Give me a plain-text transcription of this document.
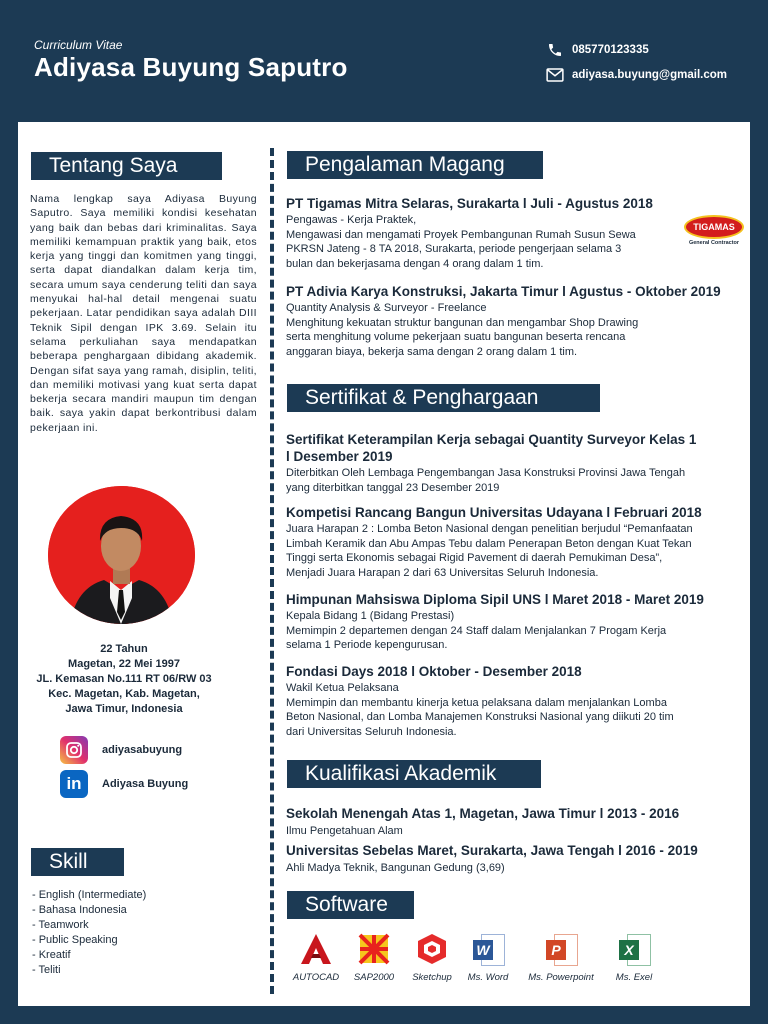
Curriculum Vitae
Adiyasa Buyung Saputro
085770123335
adiyasa.buyung@gmail.com
Tentang Saya
Nama lengkap saya Adiyasa Buyung Saputro. Saya memiliki kondisi kesehatan yang baik dan bebas dari kriminalitas. Saya memiliki kemampuan praktik yang baik, etos kerja yang tinggi dan komitmen yang tinggi, serta dapat diandalkan dalam kerja tim, secara umum saya cenderung teliti dan saya menyukai hal-hal detail mengenai suatu pekerjaan. Latar pendidikan saya adalah DIII Teknik Sipil dengan IPK 3.69. Selain itu selama perkuliahan saya mendapatkan beberapa penghargaan dibidang akademik. Dengan sifat saya yang ramah, disiplin, teliti, dan memiliki motivasi yang kuat serta dapat bekerja secara mandiri maupun tim dengan baik. saya yakin dapat berkontribusi dalam pekerjaan ini.
22 Tahun
Magetan, 22 Mei 1997
JL. Kemasan No.111 RT 06/RW 03
Kec. Magetan, Kab. Magetan,
Jawa Timur, Indonesia
adiyasabuyung
in	Adiyasa Buyung
Skill
- English (Intermediate)
- Bahasa Indonesia
- Teamwork
- Public Speaking
- Kreatif
- Teliti
Pengalaman Magang
PT Tigamas Mitra Selaras, Surakarta l Juli - Agustus 2018
Pengawas - Kerja Praktek,
Mengawasi dan mengamati Proyek Pembangunan Rumah Susun Sewa
PKRSN Jateng - 8 TA 2018, Surakarta, periode pengerjaan selama 3
bulan dan bekerjasama dengan 4 orang dalam 1 tim.
TIGAMAS
General Contractor
PT Adivia Karya Konstruksi, Jakarta Timur l Agustus - Oktober 2019
Quantity Analysis & Surveyor - Freelance
Menghitung kekuatan struktur bangunan dan mengambar Shop Drawing
serta menghitung volume pekerjaan suatu bangunan beserta rencana
anggaran biaya, bekerja sama dengan 2 orang dalam 1 tim.
Sertifikat & Penghargaan
Sertifikat Keterampilan Kerja sebagai Quantity Surveyor Kelas 1
l Desember 2019
Diterbitkan Oleh Lembaga Pengembangan Jasa Konstruksi Provinsi Jawa Tengah
yang diterbitkan tanggal 23 Desember 2019
Kompetisi Rancang Bangun Universitas Udayana l Februari 2018
Juara Harapan 2 : Lomba Beton Nasional dengan penelitian berjudul “Pemanfaatan
Limbah Keramik dan Abu Ampas Tebu dalam Penerapan Beton dengan Kuat Tekan
Tinggi serta Ekonomis sebagai Rigid Pavement di daerah Pemukiman Desa”,
Menjadi Juara Harapan 2 dari 63 Universitas Seluruh Indonesia.
Himpunan Mahsiswa Diploma Sipil UNS l Maret 2018 - Maret 2019
Kepala Bidang 1 (Bidang Prestasi)
Memimpin 2 departemen dengan 24 Staff dalam Menjalankan 7 Progam Kerja
selama 1 Periode kepengurusan.
Fondasi Days 2018 l Oktober - Desember 2018
Wakil Ketua Pelaksana
Memimpin dan membantu kinerja ketua pelaksana dalam menjalankan Lomba
Beton Nasional, dan Lomba Manajemen Konstruksi Nasional yang diikuti 20 tim
dari Universitas Seluruh Indonesia.
Kualifikasi Akademik
Sekolah Menengah Atas 1, Magetan, Jawa Timur l 2013 - 2016
Ilmu Pengetahuan Alam
Universitas Sebelas Maret, Surakarta, Jawa Tengah l 2016 - 2019
Ahli Madya Teknik, Bangunan Gedung (3,69)
Software
AUTOCAD	SAP2000	Sketchup
W
Ms. Word
P
Ms. Powerpoint
X
Ms. Exel
